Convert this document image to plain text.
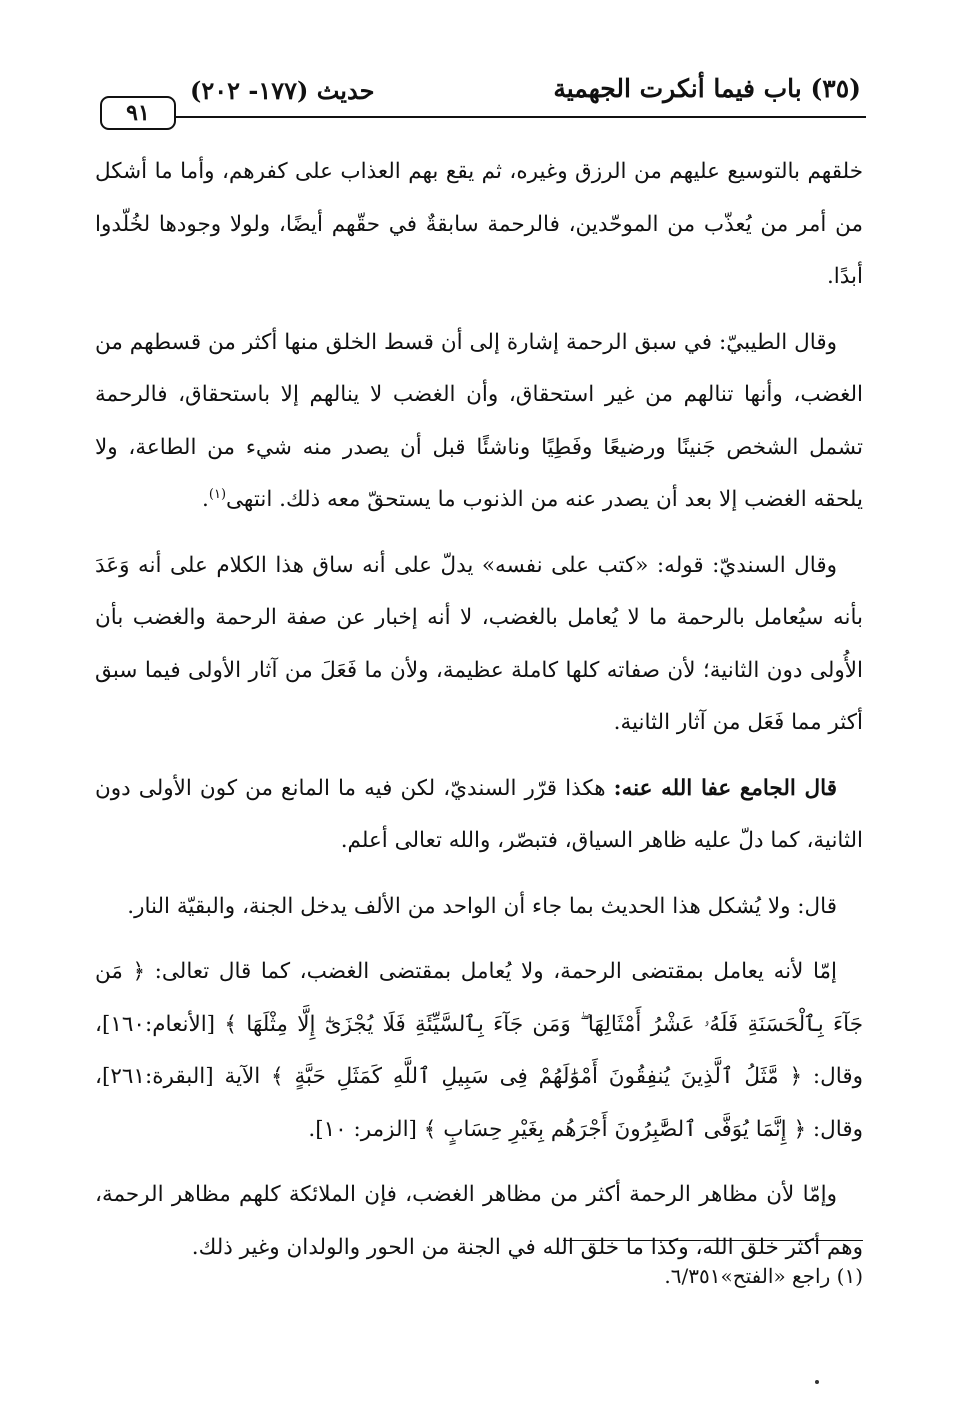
(٣٥) باب فيما أنكرت الجهمية
حديث (١٧٧- ٢٠٢)
٩١

خلقهم بالتوسيع عليهم من الرزق وغيره، ثم يقع بهم العذاب على كفرهم، وأما ما أشكل من أمر من يُعذّب من الموحّدين، فالرحمة سابقةٌ في حقّهم أيضًا، ولولا وجودها لخُلّدوا أبدًا.

وقال الطيبيّ: في سبق الرحمة إشارة إلى أن قسط الخلق منها أكثر من قسطهم من الغضب، وأنها تنالهم من غير استحقاق، وأن الغضب لا ينالهم إلا باستحقاق، فالرحمة تشمل الشخص جَنينًا ورضيعًا وفَطِيًا وناشئًا قبل أن يصدر منه شيء من الطاعة، ولا يلحقه الغضب إلا بعد أن يصدر عنه من الذنوب ما يستحقّ معه ذلك. انتهى$^{(١)}$.

وقال السنديّ: قوله: «كتب على نفسه» يدلّ على أنه ساق هذا الكلام على أنه وَعَدَ بأنه سيُعامل بالرحمة ما لا يُعامل بالغضب، لا أنه إخبار عن صفة الرحمة والغضب بأن الأُولى دون الثانية؛ لأن صفاته كلها كاملة عظيمة، ولأن ما فَعَلَ من آثار الأولى فيما سبق أكثر مما فَعَل من آثار الثانية.

قال الجامع عفا الله عنه: هكذا قرّر السنديّ، لكن فيه ما المانع من كون الأولى دون الثانية، كما دلّ عليه ظاهر السياق، فتبصّر، والله تعالى أعلم.

قال: ولا يُشكل هذا الحديث بما جاء أن الواحد من الألف يدخل الجنة، والبقيّة النار.

إمّا لأنه يعامل بمقتضى الرحمة، ولا يُعامل بمقتضى الغضب، كما قال تعالى: ﴿ مَن جَآءَ بِٱلْحَسَنَةِ فَلَهُۥ عَشْرُ أَمْثَالِهَا ۖ وَمَن جَآءَ بِٱلسَّيِّئَةِ فَلَا يُجْزَىٰٓ إِلَّا مِثْلَهَا ﴾ [الأنعام:١٦٠]، وقال: ﴿ مَّثَلُ ٱلَّذِينَ يُنفِقُونَ أَمْوَٰلَهُمْ فِى سَبِيلِ ٱللَّهِ كَمَثَلِ حَبَّةٍ ﴾ الآية [البقرة:٢٦١]، وقال: ﴿ إِنَّمَا يُوَفَّى ٱلصَّٰبِرُونَ أَجْرَهُم بِغَيْرِ حِسَابٍ ﴾ [الزمر: ١٠].

وإمّا لأن مظاهر الرحمة أكثر من مظاهر الغضب، فإن الملائكة كلهم مظاهر الرحمة، وهم أكثر خلق الله، وكذا ما خلق الله في الجنة من الحور والولدان وغير ذلك.

(١) راجع «الفتح»٦/٣٥١.
